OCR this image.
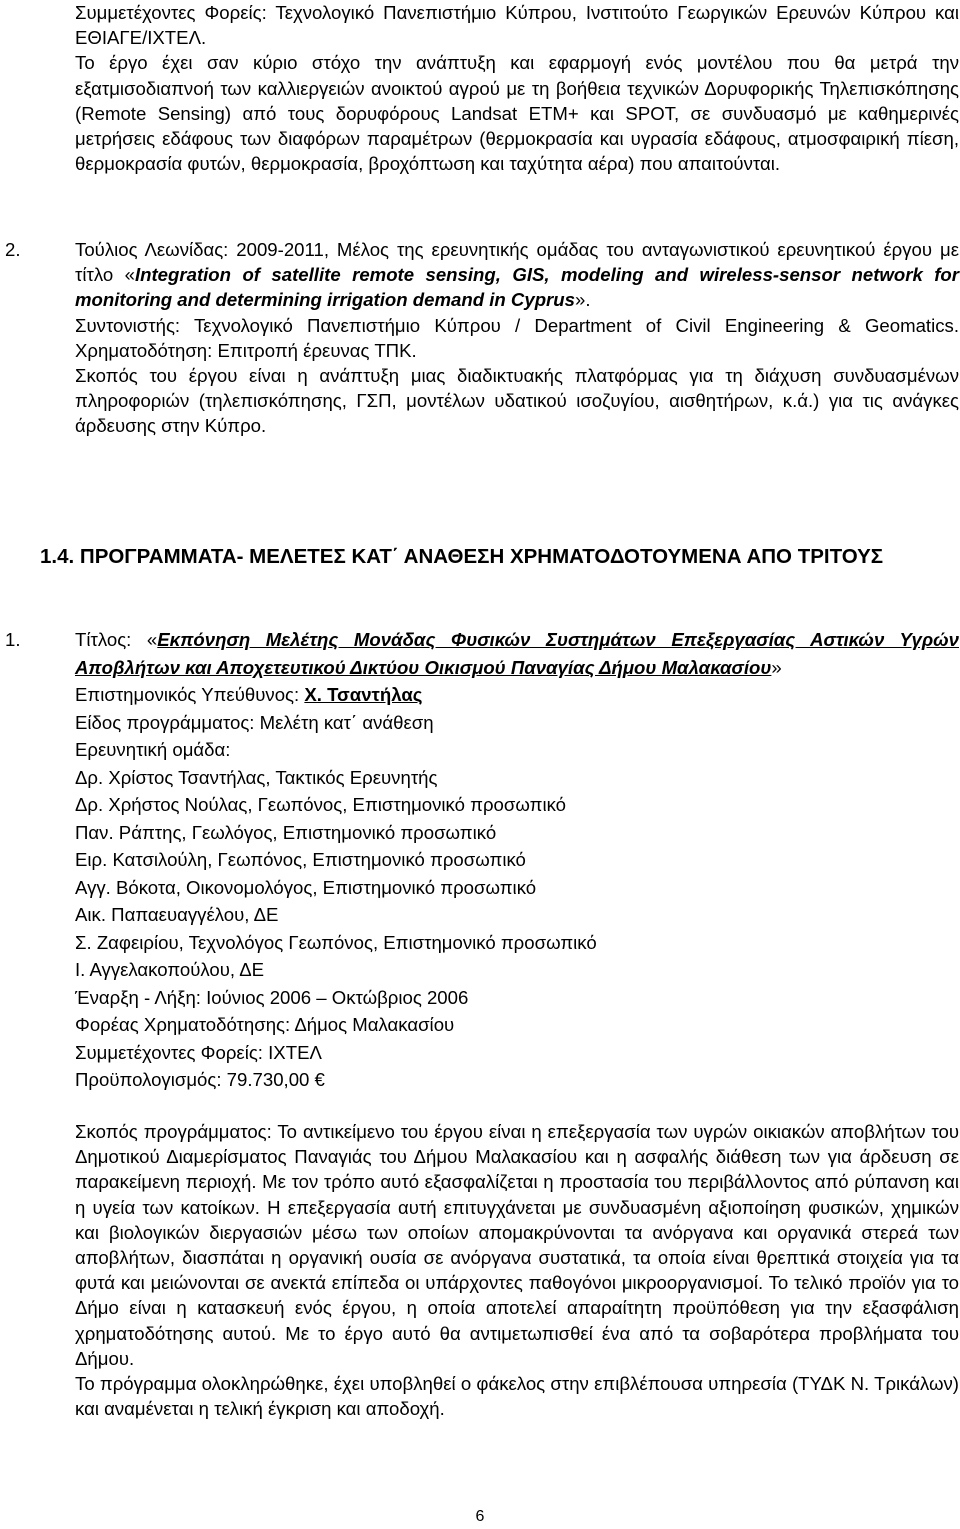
Συμμετέχοντες Φορείς: Τεχνολογικό Πανεπιστήμιο Κύπρου, Ινστιτούτο Γεωργικών Ερευνών Κύπρου και ΕΘΙΑΓΕ/ΙΧΤΕΛ.

Το έργο έχει σαν κύριο στόχο την ανάπτυξη και εφαρμογή ενός μοντέλου που θα μετρά την εξατμισοδιαπνοή των καλλιεργειών ανοικτού αγρού με τη βοήθεια τεχνικών Δορυφορικής Τηλεπισκόπησης (Remote Sensing) από τους δορυφόρους Landsat ETM+ και SPOT, σε συνδυασμό με καθημερινές μετρήσεις εδάφους των διαφόρων παραμέτρων (θερμοκρασία και υγρασία εδάφους, ατμοσφαιρική πίεση, θερμοκρασία φυτών, θερμοκρασία, βροχόπτωση και ταχύτητα αέρα) που απαιτούνται.

2.	Τούλιος Λεωνίδας: 2009-2011, Μέλος της ερευνητικής ομάδας του ανταγωνιστικού ερευνητικού έργου με τίτλο «Integration of satellite remote sensing, GIS, modeling and wireless-sensor network for monitoring and determining irrigation demand in Cyprus».

Συντονιστής: Τεχνολογικό Πανεπιστήμιο Κύπρου / Department of Civil Engineering & Geomatics. Χρηματοδότηση: Επιτροπή έρευνας ΤΠΚ.

Σκοπός του έργου είναι η ανάπτυξη μιας διαδικτυακής πλατφόρμας για τη διάχυση συνδυασμένων πληροφοριών (τηλεπισκόπησης, ΓΣΠ, μοντέλων υδατικού ισοζυγίου, αισθητήρων, κ.ά.) για τις ανάγκες άρδευσης στην Κύπρο.

1.4. ΠΡΟΓΡΑΜΜΑΤΑ- ΜΕΛΕΤΕΣ ΚΑΤ΄ ΑΝΑΘΕΣΗ ΧΡΗΜΑΤΟΔΟΤΟΥΜΕΝΑ ΑΠΟ ΤΡΙΤΟΥΣ

1.	Τίτλος: «Εκπόνηση Μελέτης Μονάδας Φυσικών Συστημάτων Επεξεργασίας Αστικών Υγρών Αποβλήτων και Αποχετευτικού Δικτύου Οικισμού Παναγίας Δήμου Μαλακασίου»

Επιστημονικός Υπεύθυνος: Χ. Τσαντήλας

Είδος προγράμματος: Μελέτη κατ΄ ανάθεση
Ερευνητική ομάδα:
Δρ. Χρίστος Τσαντήλας, Τακτικός Ερευνητής
Δρ. Χρήστος Νούλας, Γεωπόνος, Επιστημονικό προσωπικό
Παν. Ράπτης, Γεωλόγος, Επιστημονικό προσωπικό
Ειρ. Κατσιλούλη, Γεωπόνος, Επιστημονικό προσωπικό
Αγγ. Βόκοτα, Οικονομολόγος, Επιστημονικό προσωπικό
Αικ. Παπαευαγγέλου, ΔΕ
Σ. Ζαφειρίου, Τεχνολόγος Γεωπόνος, Επιστημονικό προσωπικό
Ι. Αγγελακοπούλου, ΔΕ
Έναρξη - Λήξη: Ιούνιος 2006 – Οκτώβριος 2006
Φορέας Χρηματοδότησης: Δήμος Μαλακασίου
Συμμετέχοντες Φορείς: ΙΧΤΕΛ
Προϋπολογισμός: 79.730,00 €

Σκοπός προγράμματος: Το αντικείμενο του έργου είναι η επεξεργασία των υγρών οικιακών αποβλήτων του Δημοτικού Διαμερίσματος Παναγιάς του Δήμου Μαλακασίου και η ασφαλής διάθεση των για άρδευση σε παρακείμενη περιοχή. Με τον τρόπο αυτό εξασφαλίζεται η προστασία του περιβάλλοντος από ρύπανση και η υγεία των κατοίκων. Η επεξεργασία αυτή επιτυγχάνεται με συνδυασμένη αξιοποίηση φυσικών, χημικών και βιολογικών διεργασιών μέσω των οποίων απομακρύνονται τα ανόργανα και οργανικά στερεά των αποβλήτων, διασπάται η οργανική ουσία σε ανόργανα συστατικά, τα οποία είναι θρεπτικά στοιχεία για τα φυτά και μειώνονται σε ανεκτά επίπεδα οι υπάρχοντες παθογόνοι μικροοργανισμοί. Το τελικό προϊόν για το Δήμο είναι η κατασκευή ενός έργου, η οποία αποτελεί απαραίτητη προϋπόθεση για την εξασφάλιση χρηματοδότησης αυτού. Με το έργο αυτό θα αντιμετωπισθεί ένα από τα σοβαρότερα προβλήματα του Δήμου.

Το πρόγραμμα ολοκληρώθηκε, έχει υποβληθεί ο φάκελος στην επιβλέπουσα υπηρεσία (ΤΥΔΚ Ν. Τρικάλων) και αναμένεται η τελική έγκριση και αποδοχή.

6
